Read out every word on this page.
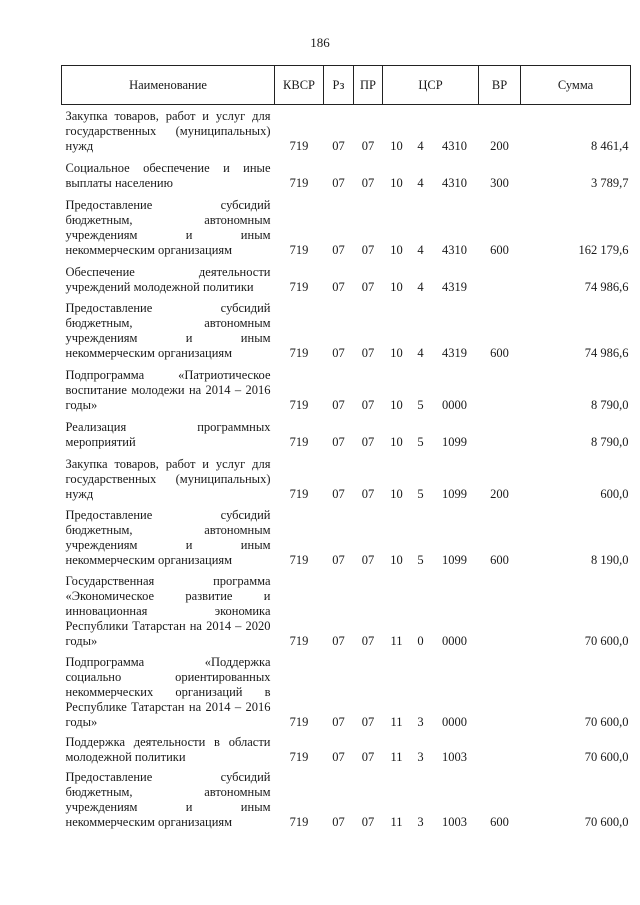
186
Наименование	КВСР	Рз	ПР	ЦСР			ВР	Сумма
Закупка товаров, работ и услуг для государственных (муниципальных) нужд	719	07	07	10	4	4310	200	8 461,4
Социальное обеспечение и иные выплаты населению	719	07	07	10	4	4310	300	3 789,7
Предоставление субсидий бюджетным, автономным учреждениям и иным некоммерческим организациям	719	07	07	10	4	4310	600	162 179,6
Обеспечение деятельности учреждений молодежной политики	719	07	07	10	4	4319		74 986,6
Предоставление субсидий бюджетным, автономным учреждениям и иным некоммерческим организациям	719	07	07	10	4	4319	600	74 986,6
Подпрограмма «Патриотическое воспитание молодежи на 2014 – 2016 годы»	719	07	07	10	5	0000		8 790,0
Реализация программных мероприятий	719	07	07	10	5	1099		8 790,0
Закупка товаров, работ и услуг для государственных (муниципальных) нужд	719	07	07	10	5	1099	200	600,0
Предоставление субсидий бюджетным, автономным учреждениям и иным некоммерческим организациям	719	07	07	10	5	1099	600	8 190,0
Государственная программа «Экономическое развитие и инновационная экономика Республики Татарстан на 2014 – 2020 годы»	719	07	07	11	0	0000		70 600,0
Подпрограмма «Поддержка социально ориентированных некоммерческих организаций в Республике Татарстан на 2014 – 2016 годы»	719	07	07	11	3	0000		70 600,0
Поддержка деятельности в области молодежной политики	719	07	07	11	3	1003		70 600,0
Предоставление субсидий бюджетным, автономным учреждениям и иным некоммерческим организациям	719	07	07	11	3	1003	600	70 600,0
